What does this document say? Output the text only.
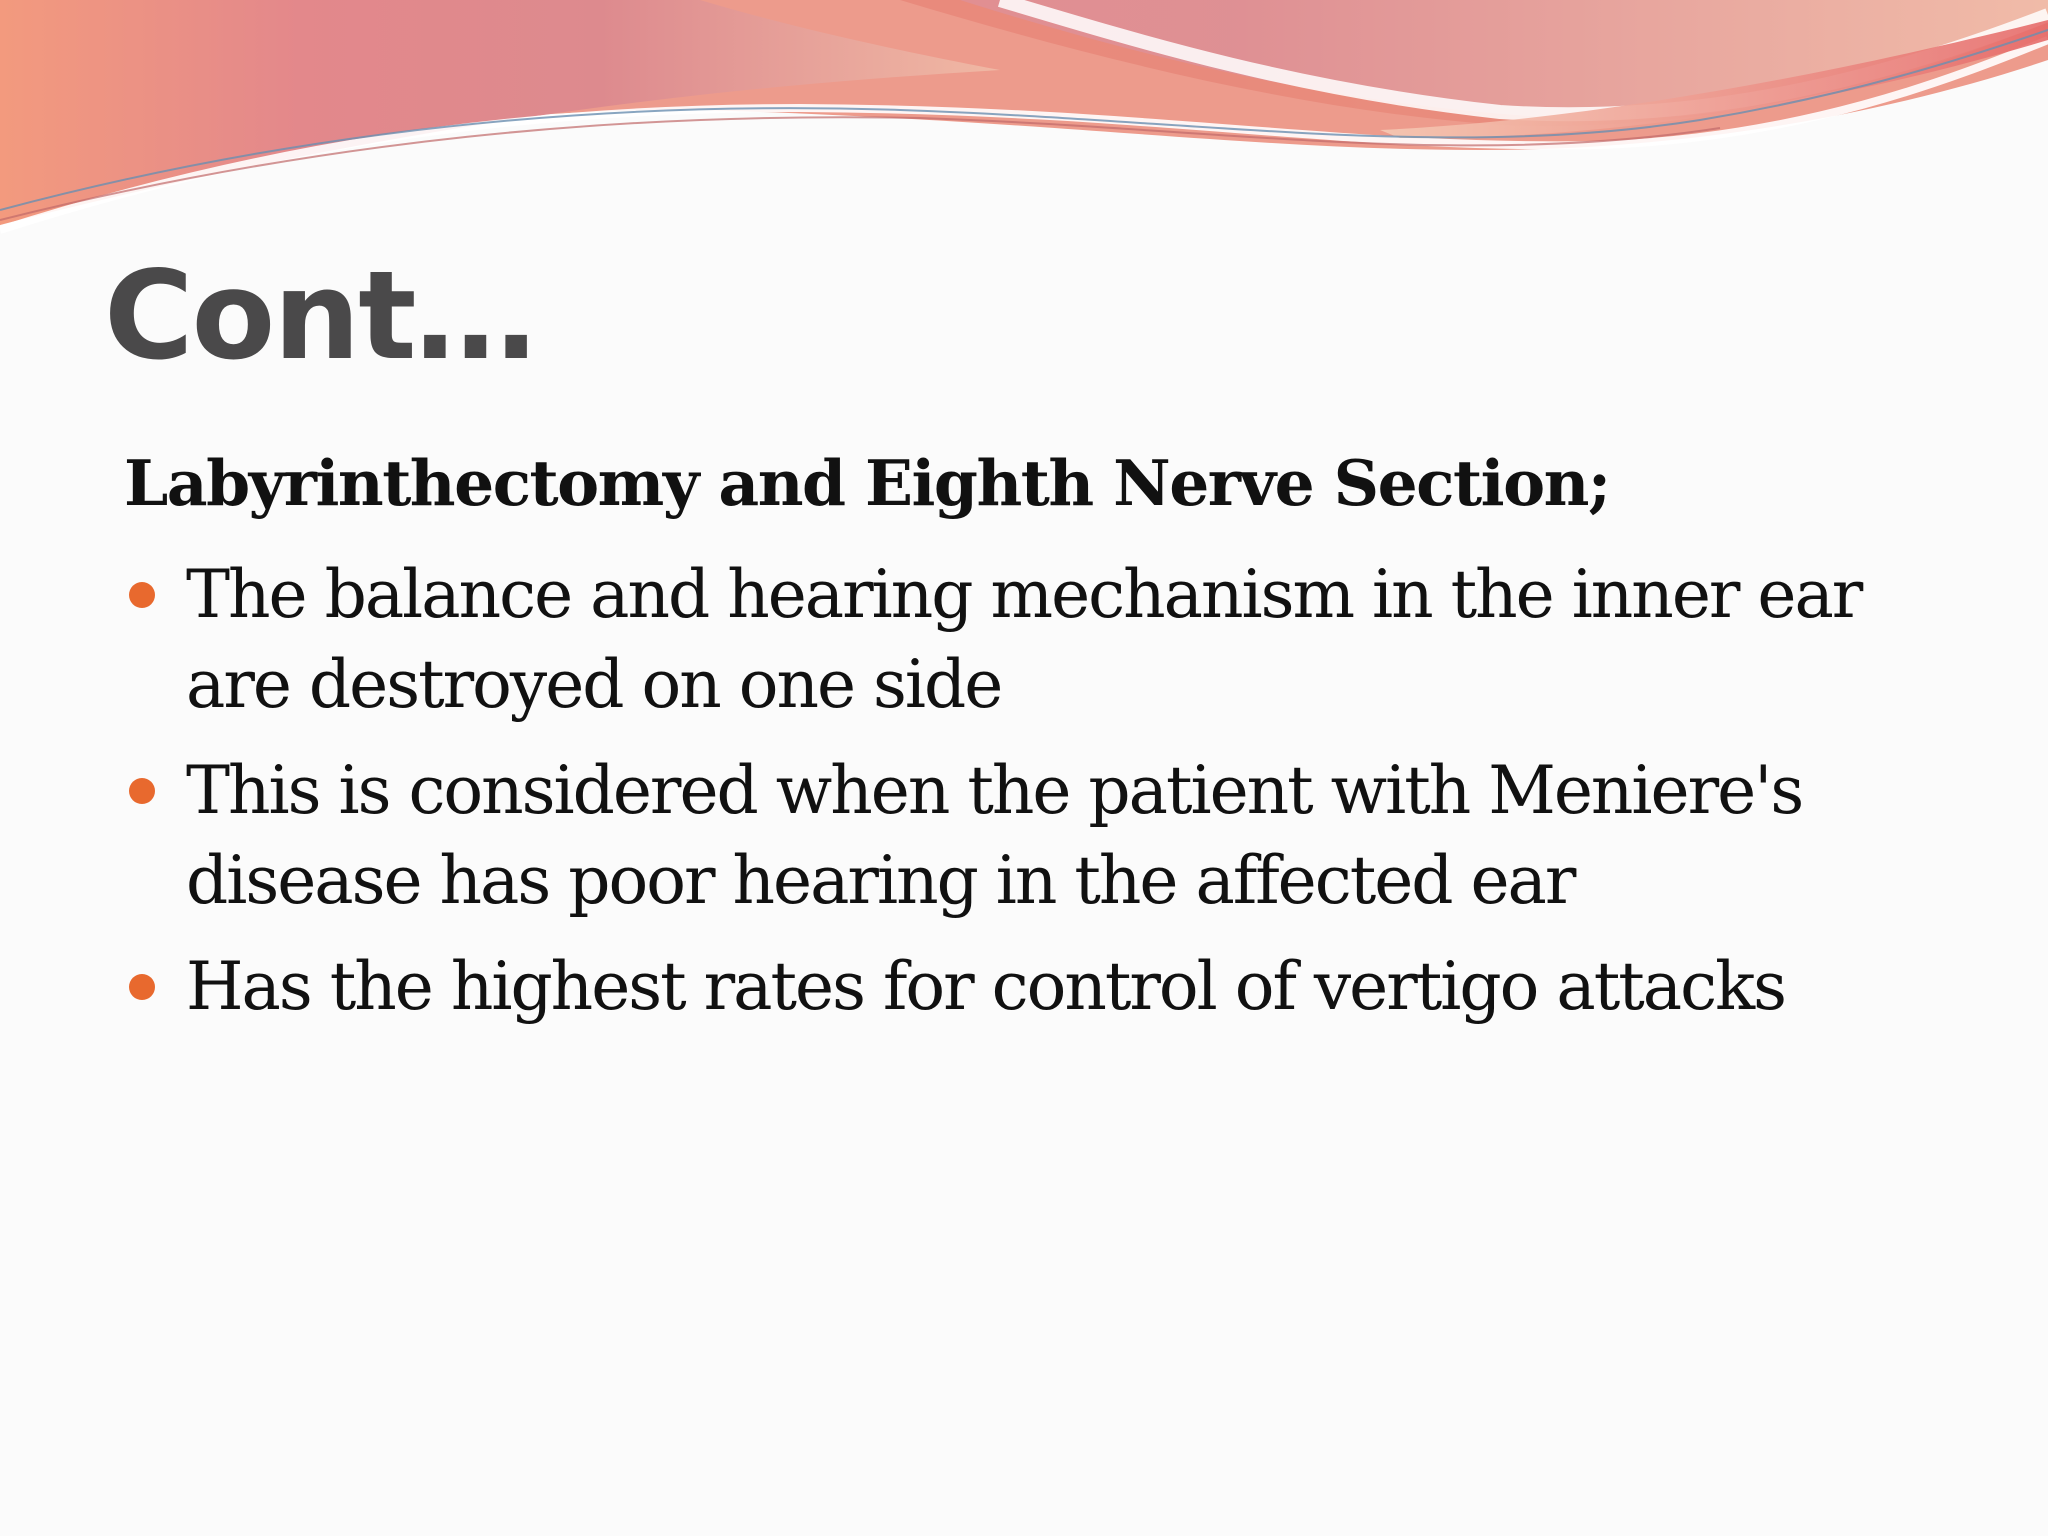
Cont…

Labyrinthectomy and Eighth Nerve Section;

The balance and hearing mechanism in the inner ear are destroyed on one side
This is considered when the patient with Meniere's disease has poor hearing in the affected ear
Has the highest rates for control of vertigo attacks
